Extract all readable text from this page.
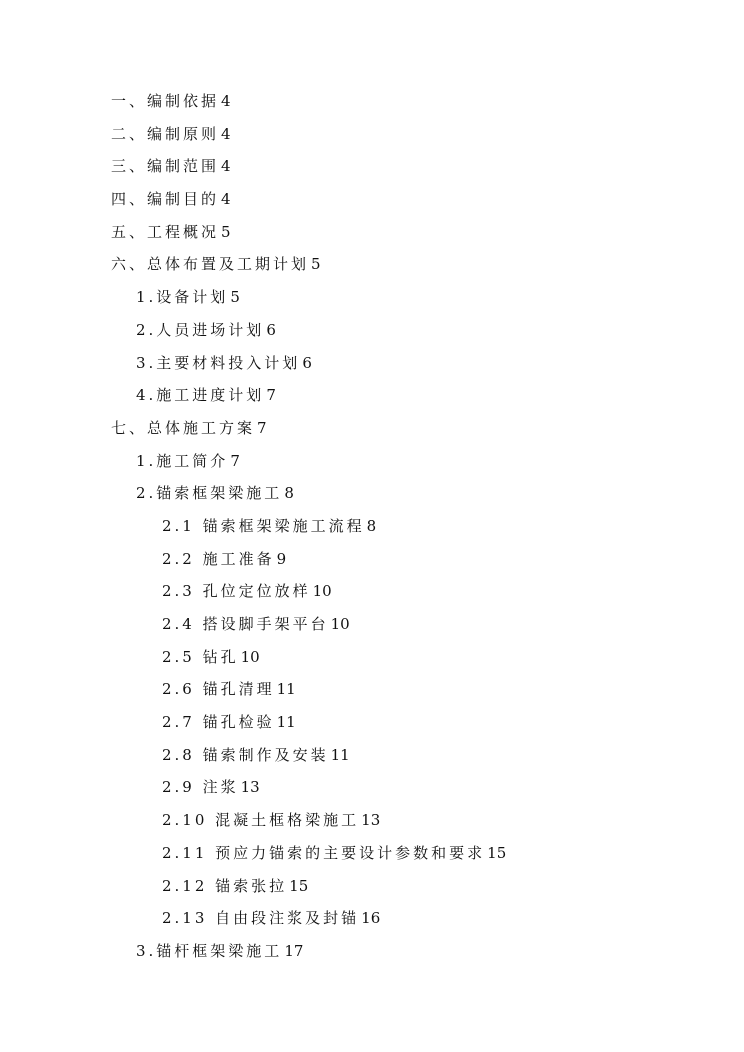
一、编制依据 4
二、编制原则 4
三、编制范围 4
四、编制目的 4
五、工程概况 5
六、总体布置及工期计划 5
1.设备计划 5
2.人员进场计划 6
3.主要材料投入计划 6
4.施工进度计划 7
七、总体施工方案 7
1.施工简介 7
2.锚索框架梁施工 8
2.1 锚索框架梁施工流程 8
2.2 施工准备 9
2.3 孔位定位放样 10
2.4 搭设脚手架平台 10
2.5 钻孔 10
2.6 锚孔清理 11
2.7 锚孔检验 11
2.8 锚索制作及安装 11
2.9 注浆 13
2.10 混凝土框格梁施工 13
2.11 预应力锚索的主要设计参数和要求 15
2.12 锚索张拉 15
2.13 自由段注浆及封锚 16
3.锚杆框架梁施工 17
